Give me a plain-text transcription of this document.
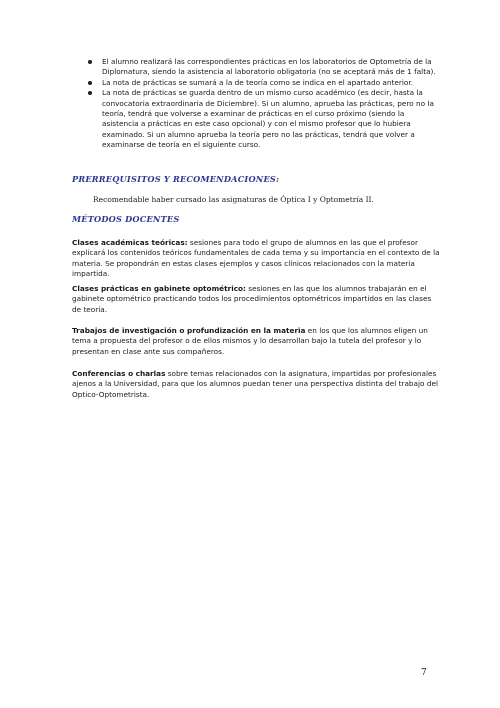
El alumno realizará las correspondientes prácticas en los laboratorios de Optometría de la Diplomatura, siendo la asistencia al laboratorio obligatoria (no se aceptará más de 1 falta).
La nota de prácticas se sumará a la de teoría como se indica en el apartado anterior.
La nota de prácticas se guarda dentro de un mismo curso académico (es decir, hasta la convocatoria extraordinaria de Diciembre). Si un alumno, aprueba las prácticas, pero no la teoría, tendrá que volverse a examinar de prácticas en el curso próximo (siendo la asistencia a prácticas en este caso opcional) y con el mismo profesor que lo hubiera examinado. Si un alumno aprueba la teoría pero no las prácticas, tendrá que volver a examinarse de teoría en el siguiente curso.
PRERREQUISITOS Y RECOMENDACIONES:
Recomendable haber cursado las asignaturas de Óptica I y Optometría II.
MÉTODOS DOCENTES

Clases académicas teóricas: sesiones para todo el grupo de alumnos en las que el profesor explicará los contenidos teóricos fundamentales de cada tema y su importancia en el contexto de la materia. Se propondrán en estas clases ejemplos y casos clínicos relacionados con la materia impartida.

Clases prácticas en gabinete optométrico: sesiones en las que los alumnos trabajarán en el gabinete optométrico practicando todos los procedimientos optométricos impartidos en las clases de teoría.

Trabajos de investigación o profundización en la materia en los que los alumnos eligen un tema a propuesta del profesor o de ellos mismos y lo desarrollan bajo la tutela del profesor y lo presentan en clase ante sus compañeros.

Conferencias o charlas sobre temas relacionados con la asignatura, impartidas por profesionales ajenos a la Universidad, para que los alumnos puedan tener una perspectiva distinta del trabajo del Optico-Optometrista.

7
